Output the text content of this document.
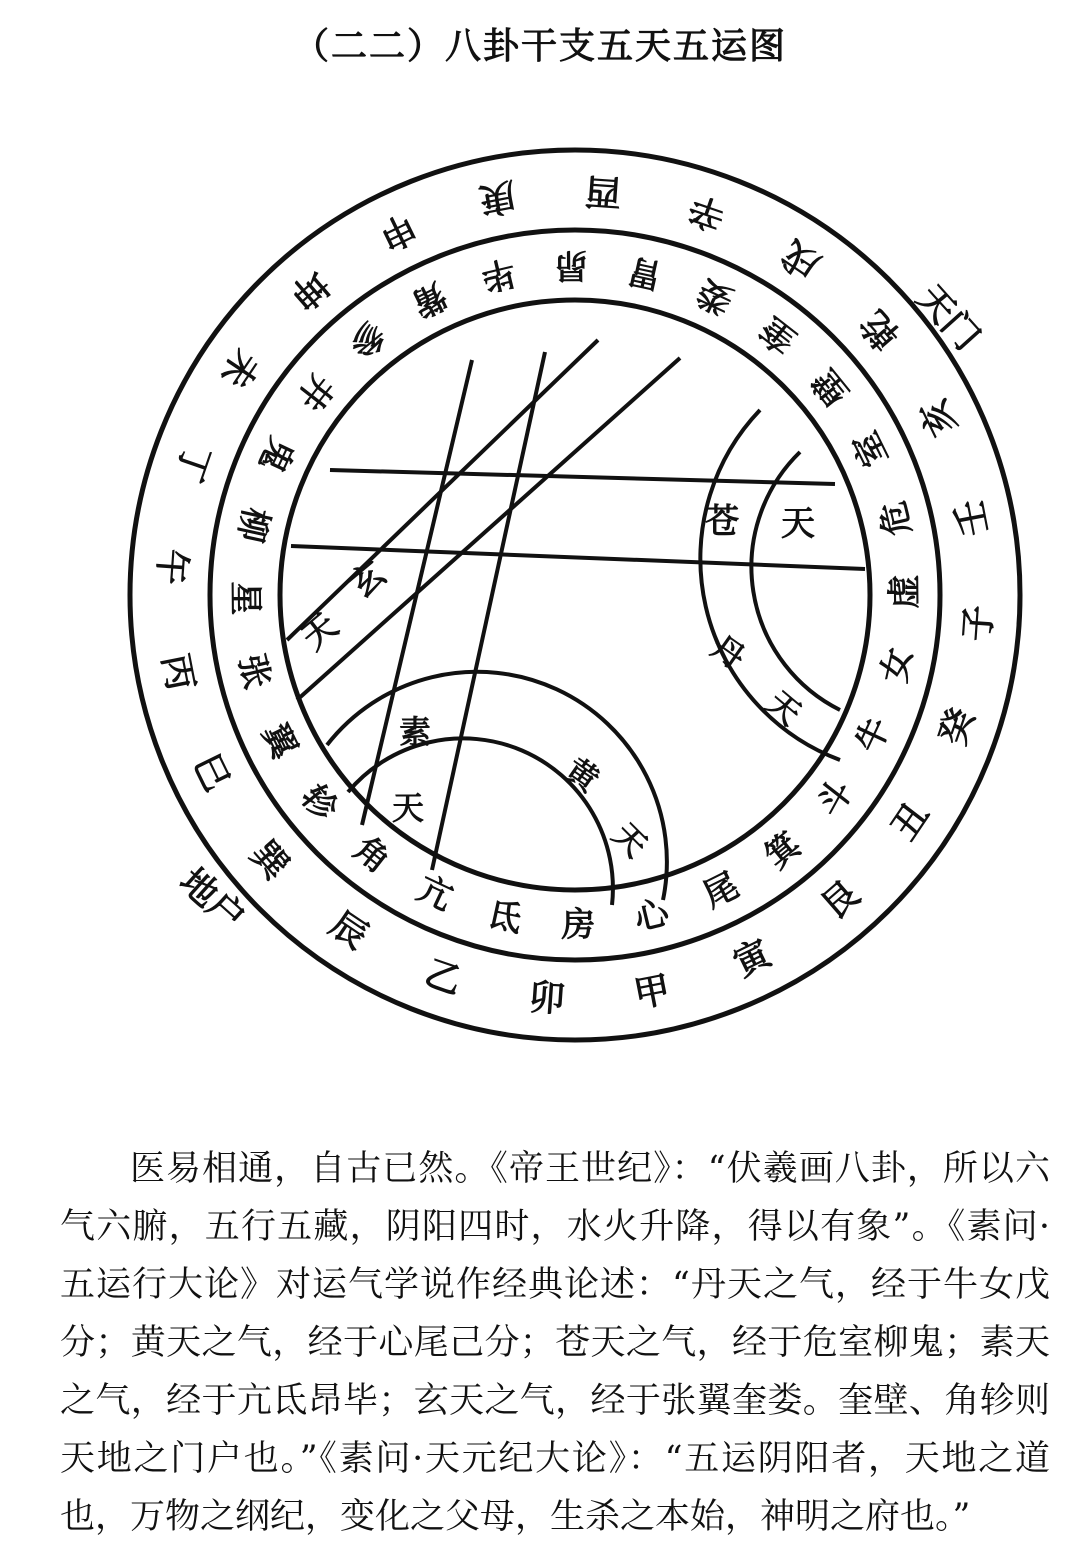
（二二）八卦干支五天五运图
辰
乙 卯 甲
寅
艮
丑
癸
子
壬
亥
乾
戌
辛
酉
庚
申
坤
未
丁
午
丙
巳
巽 角
亢 氐 房 心 尾
箕
斗
牛
女
虚
危
室
壁
奎
娄
胃
昴
毕
觜
参
井
鬼
柳
星
张
翼
轸
天门
地户
苍 天
玄
天
素
天
黄
天
丹
天

医易相通，自古已然。《帝王世纪》：“伏羲画八卦，所以六气六腑，五行五藏，阴阳四时，水火升降，得以有象”。《素问·五运行大论》对运气学说作经典论述：“丹天之气，经于牛女戊分；黄天之气，经于心尾己分；苍天之气，经于危室柳鬼；素天之气，经于亢氐昂毕；玄天之气，经于张翼奎娄。奎壁、角轸则天地之门户也。”《素问·天元纪大论》：“五运阴阳者，天地之道也，万物之纲纪，变化之父母，生杀之本始，神明之府也。”
